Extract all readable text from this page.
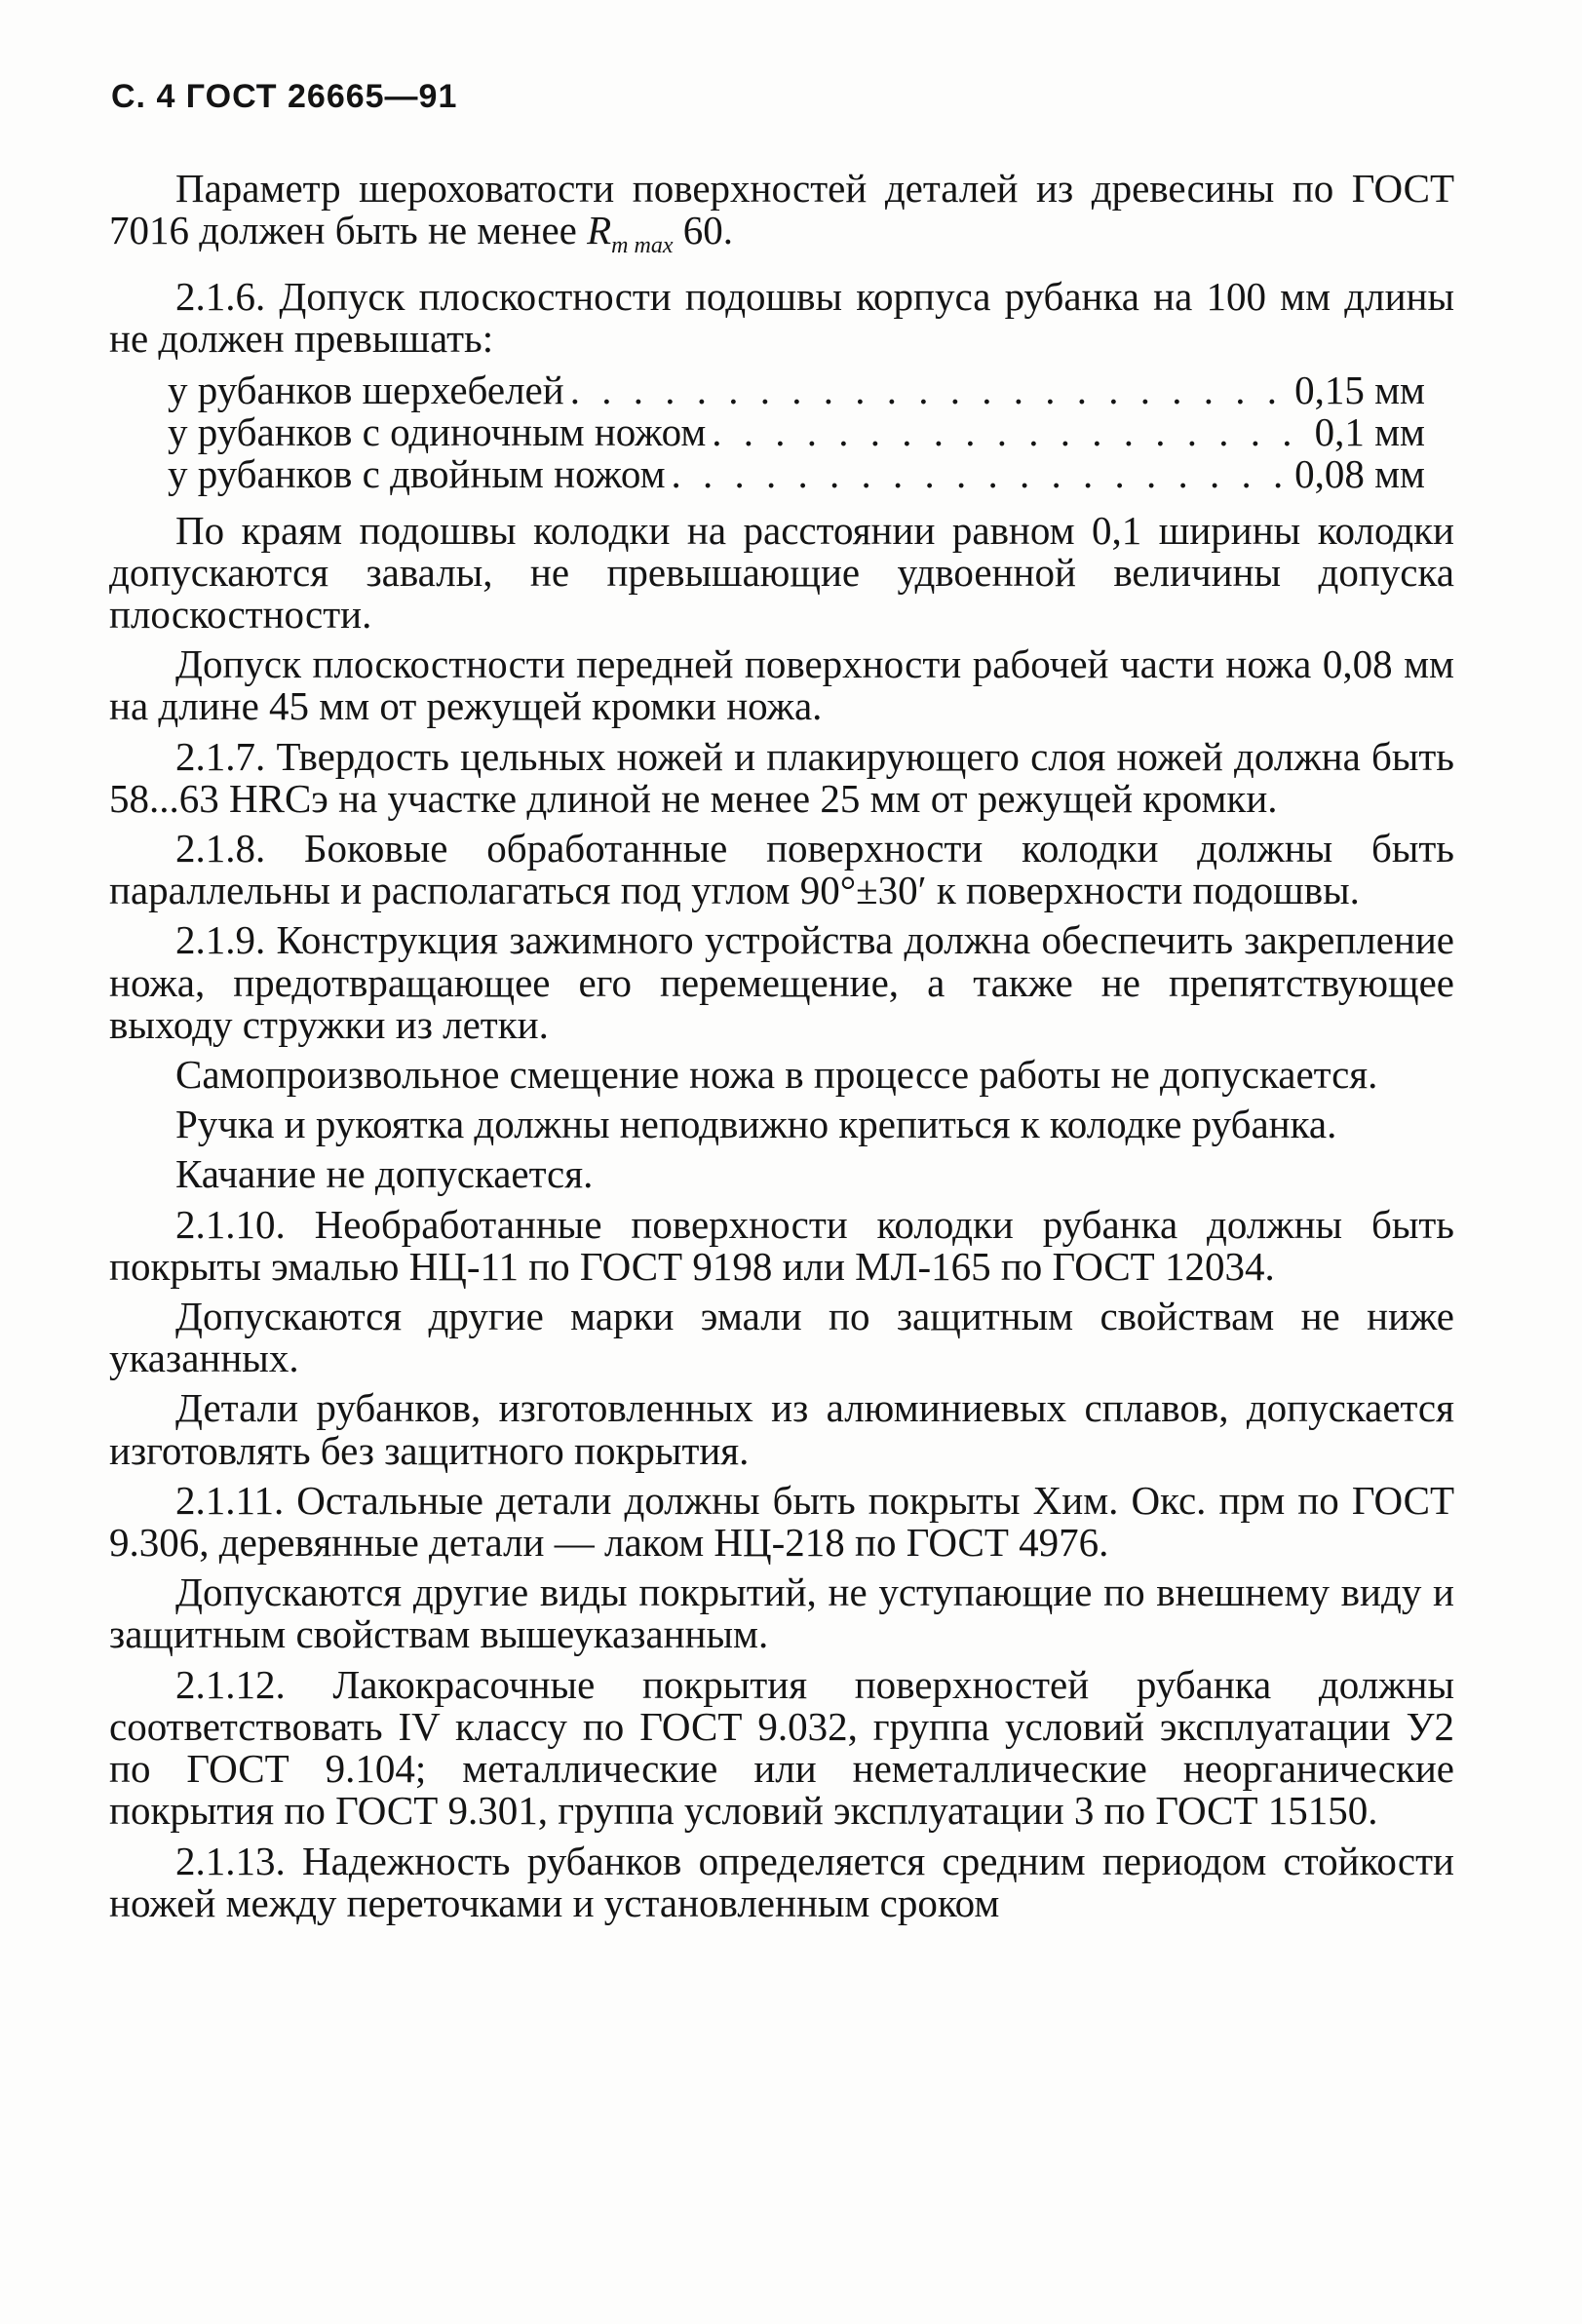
С. 4 ГОСТ 26665—91

Параметр шероховатости поверхностей деталей из древесины по ГОСТ 7016 должен быть не менее $R_{m max}$ 60.

2.1.6. Допуск плоскостности подошвы корпуса рубанка на 100 мм длины не должен превышать:

у рубанков шерхебелей . . .	0,15 мм
у рубанков с одиночным ножом . . .	0,1 мм
у рубанков с двойным ножом . . .	0,08 мм

По краям подошвы колодки на расстоянии равном 0,1 ширины колодки допускаются завалы, не превышающие удвоенной величины допуска плоскостности.

Допуск плоскостности передней поверхности рабочей части ножа 0,08 мм на длине 45 мм от режущей кромки ножа.

2.1.7. Твердость цельных ножей и плакирующего слоя ножей должна быть 58...63 HRCэ на участке длиной не менее 25 мм от режущей кромки.

2.1.8. Боковые обработанные поверхности колодки должны быть параллельны и располагаться под углом 90°±30′ к поверхности подошвы.

2.1.9. Конструкция зажимного устройства должна обеспечить закрепление ножа, предотвращающее его перемещение, а также не препятствующее выходу стружки из летки.

Самопроизвольное смещение ножа в процессе работы не допускается.

Ручка и рукоятка должны неподвижно крепиться к колодке рубанка.

Качание не допускается.

2.1.10. Необработанные поверхности колодки рубанка должны быть покрыты эмалью НЦ-11 по ГОСТ 9198 или МЛ-165 по ГОСТ 12034.

Допускаются другие марки эмали по защитным свойствам не ниже указанных.

Детали рубанков, изготовленных из алюминиевых сплавов, допускается изготовлять без защитного покрытия.

2.1.11. Остальные детали должны быть покрыты Хим. Окс. прм по ГОСТ 9.306, деревянные детали — лаком НЦ-218 по ГОСТ 4976.

Допускаются другие виды покрытий, не уступающие по внешнему виду и защитным свойствам вышеуказанным.

2.1.12. Лакокрасочные покрытия поверхностей рубанка должны соответствовать IV классу по ГОСТ 9.032, группа условий эксплуатации У2 по ГОСТ 9.104; металлические или неметаллические неорганические покрытия по ГОСТ 9.301, группа условий эксплуатации 3 по ГОСТ 15150.

2.1.13. Надежность рубанков определяется средним периодом стойкости ножей между переточками и установленным сроком
